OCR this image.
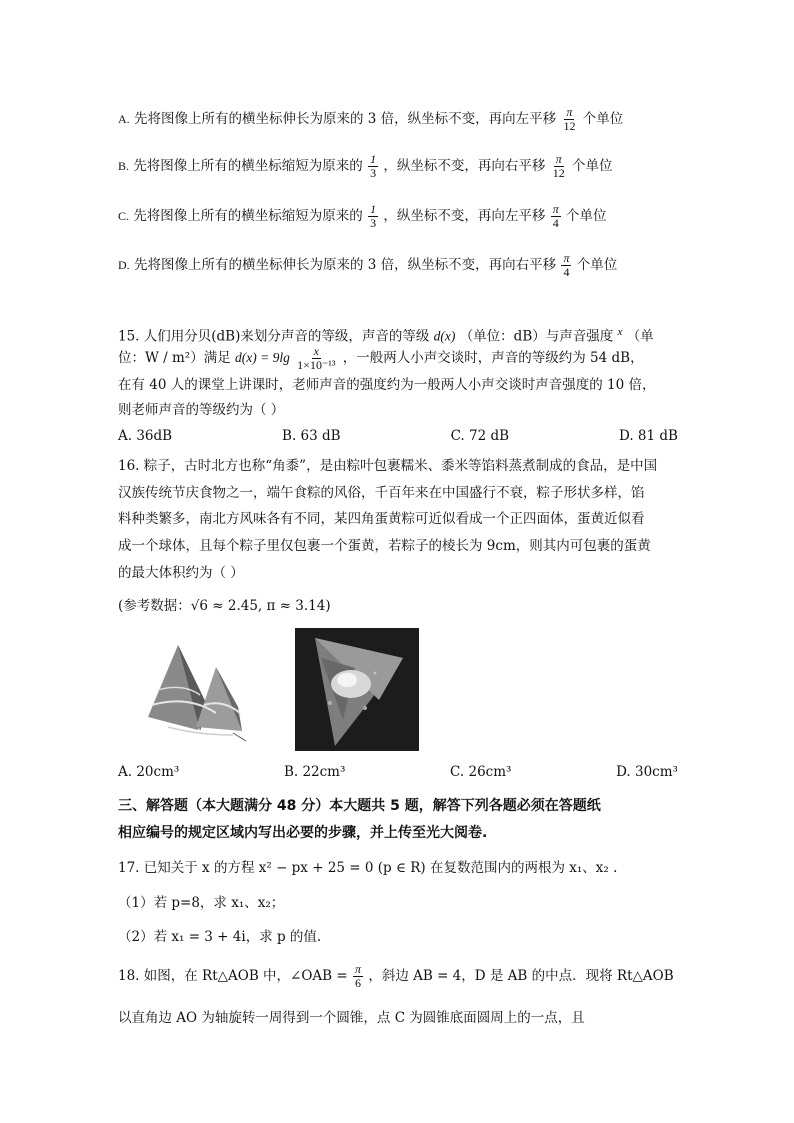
A. 先将图像上所有的横坐标伸长为原来的 3 倍，纵坐标不变，再向左平移 $\frac{\pi}{12}$ 个单位
B. 先将图像上所有的横坐标缩短为原来的 $\frac{1}{3}$ ，纵坐标不变，再向右平移 $\frac{\pi}{12}$ 个单位
C. 先将图像上所有的横坐标缩短为原来的 $\frac{1}{3}$ ，纵坐标不变，再向左平移 $\frac{\pi}{4}$ 个单位
D. 先将图像上所有的横坐标伸长为原来的 3 倍，纵坐标不变，再向右平移 $\frac{\pi}{4}$ 个单位
15. 人们用分贝(dB)来划分声音的等级，声音的等级 d(x) （单位：dB）与声音强度 $^x$ （单
位：W / m²）满足 $d(x) = 9\lg \frac{x}{\text{1×10⁻¹³}}$ ，一般两人小声交谈时，声音的等级约为 54 dB，
在有 40 人的课堂上讲课时，老师声音的强度约为一般两人小声交谈时声音强度的 10 倍，
则老师声音的等级约为（ ）
A. 36dB	B. 63 dB	C. 72 dB	D. 81 dB
16. 粽子，古时北方也称“角黍”，是由粽叶包裹糯米、黍米等馅料蒸煮制成的食品，是中国
汉族传统节庆食物之一，端午食粽的风俗，千百年来在中国盛行不衰，粽子形状多样，馅
料种类繁多，南北方风味各有不同，某四角蛋黄粽可近似看成一个正四面体，蛋黄近似看
成一个球体，且每个粽子里仅包裹一个蛋黄，若粽子的棱长为 9cm，则其内可包裹的蛋黄
的最大体积约为（ ）
(参考数据：√6 ≈ 2.45, π ≈ 3.14)
A. 20cm³	B. 22cm³	C. 26cm³	D. 30cm³
三、解答题（本大题满分 48 分）本大题共 5 题，解答下列各题必须在答题纸
相应编号的规定区域内写出必要的步骤，并上传至光大阅卷.
17. 已知关于 x 的方程 x² − px + 25 = 0 (p ∈ R) 在复数范围内的两根为 x₁、x₂ .
（1）若 p=8，求 x₁、x₂；
（2）若 x₁ = 3 + 4i，求 p 的值.
18. 如图，在 Rt△AOB 中，∠OAB = $\frac{\pi}{6}$ ，斜边 AB = 4，D 是 AB 的中点．现将 Rt△AOB
以直角边 AO 为轴旋转一周得到一个圆锥，点 C 为圆锥底面圆周上的一点，且
